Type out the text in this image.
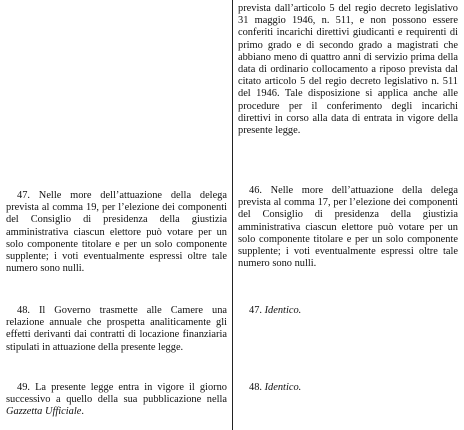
47. Nelle more dell’attuazione della delega prevista al comma 19, per l’elezione dei componenti del Consiglio di presidenza della giustizia amministrativa ciascun elettore può votare per un solo componente titolare e per un solo componente supplente; i voti eventualmente espressi oltre tale numero sono nulli.

48. Il Governo trasmette alle Camere una relazione annuale che prospetta analiticamente gli effetti derivanti dai contratti di locazione finanziaria stipulati in attuazione della presente legge.

49. La presente legge entra in vigore il giorno successivo a quello della sua pubblicazione nella Gazzetta Ufficiale.

prevista dall’articolo 5 del regio decreto legislativo 31 maggio 1946, n. 511, e non possono essere conferiti incarichi direttivi giudicanti e requirenti di primo grado e di secondo grado a magistrati che abbiano meno di quattro anni di servizio prima della data di ordinario collocamento a riposo prevista dal citato articolo 5 del regio decreto legislativo n. 511 del 1946. Tale disposizione si applica anche alle procedure per il conferimento degli incarichi direttivi in corso alla data di entrata in vigore della presente legge.

46. Nelle more dell’attuazione della delega prevista al comma 17, per l’elezione dei componenti del Consiglio di presidenza della giustizia amministrativa ciascun elettore può votare per un solo componente titolare e per un solo componente supplente; i voti eventualmente espressi oltre tale numero sono nulli.

47. Identico.

48. Identico.
